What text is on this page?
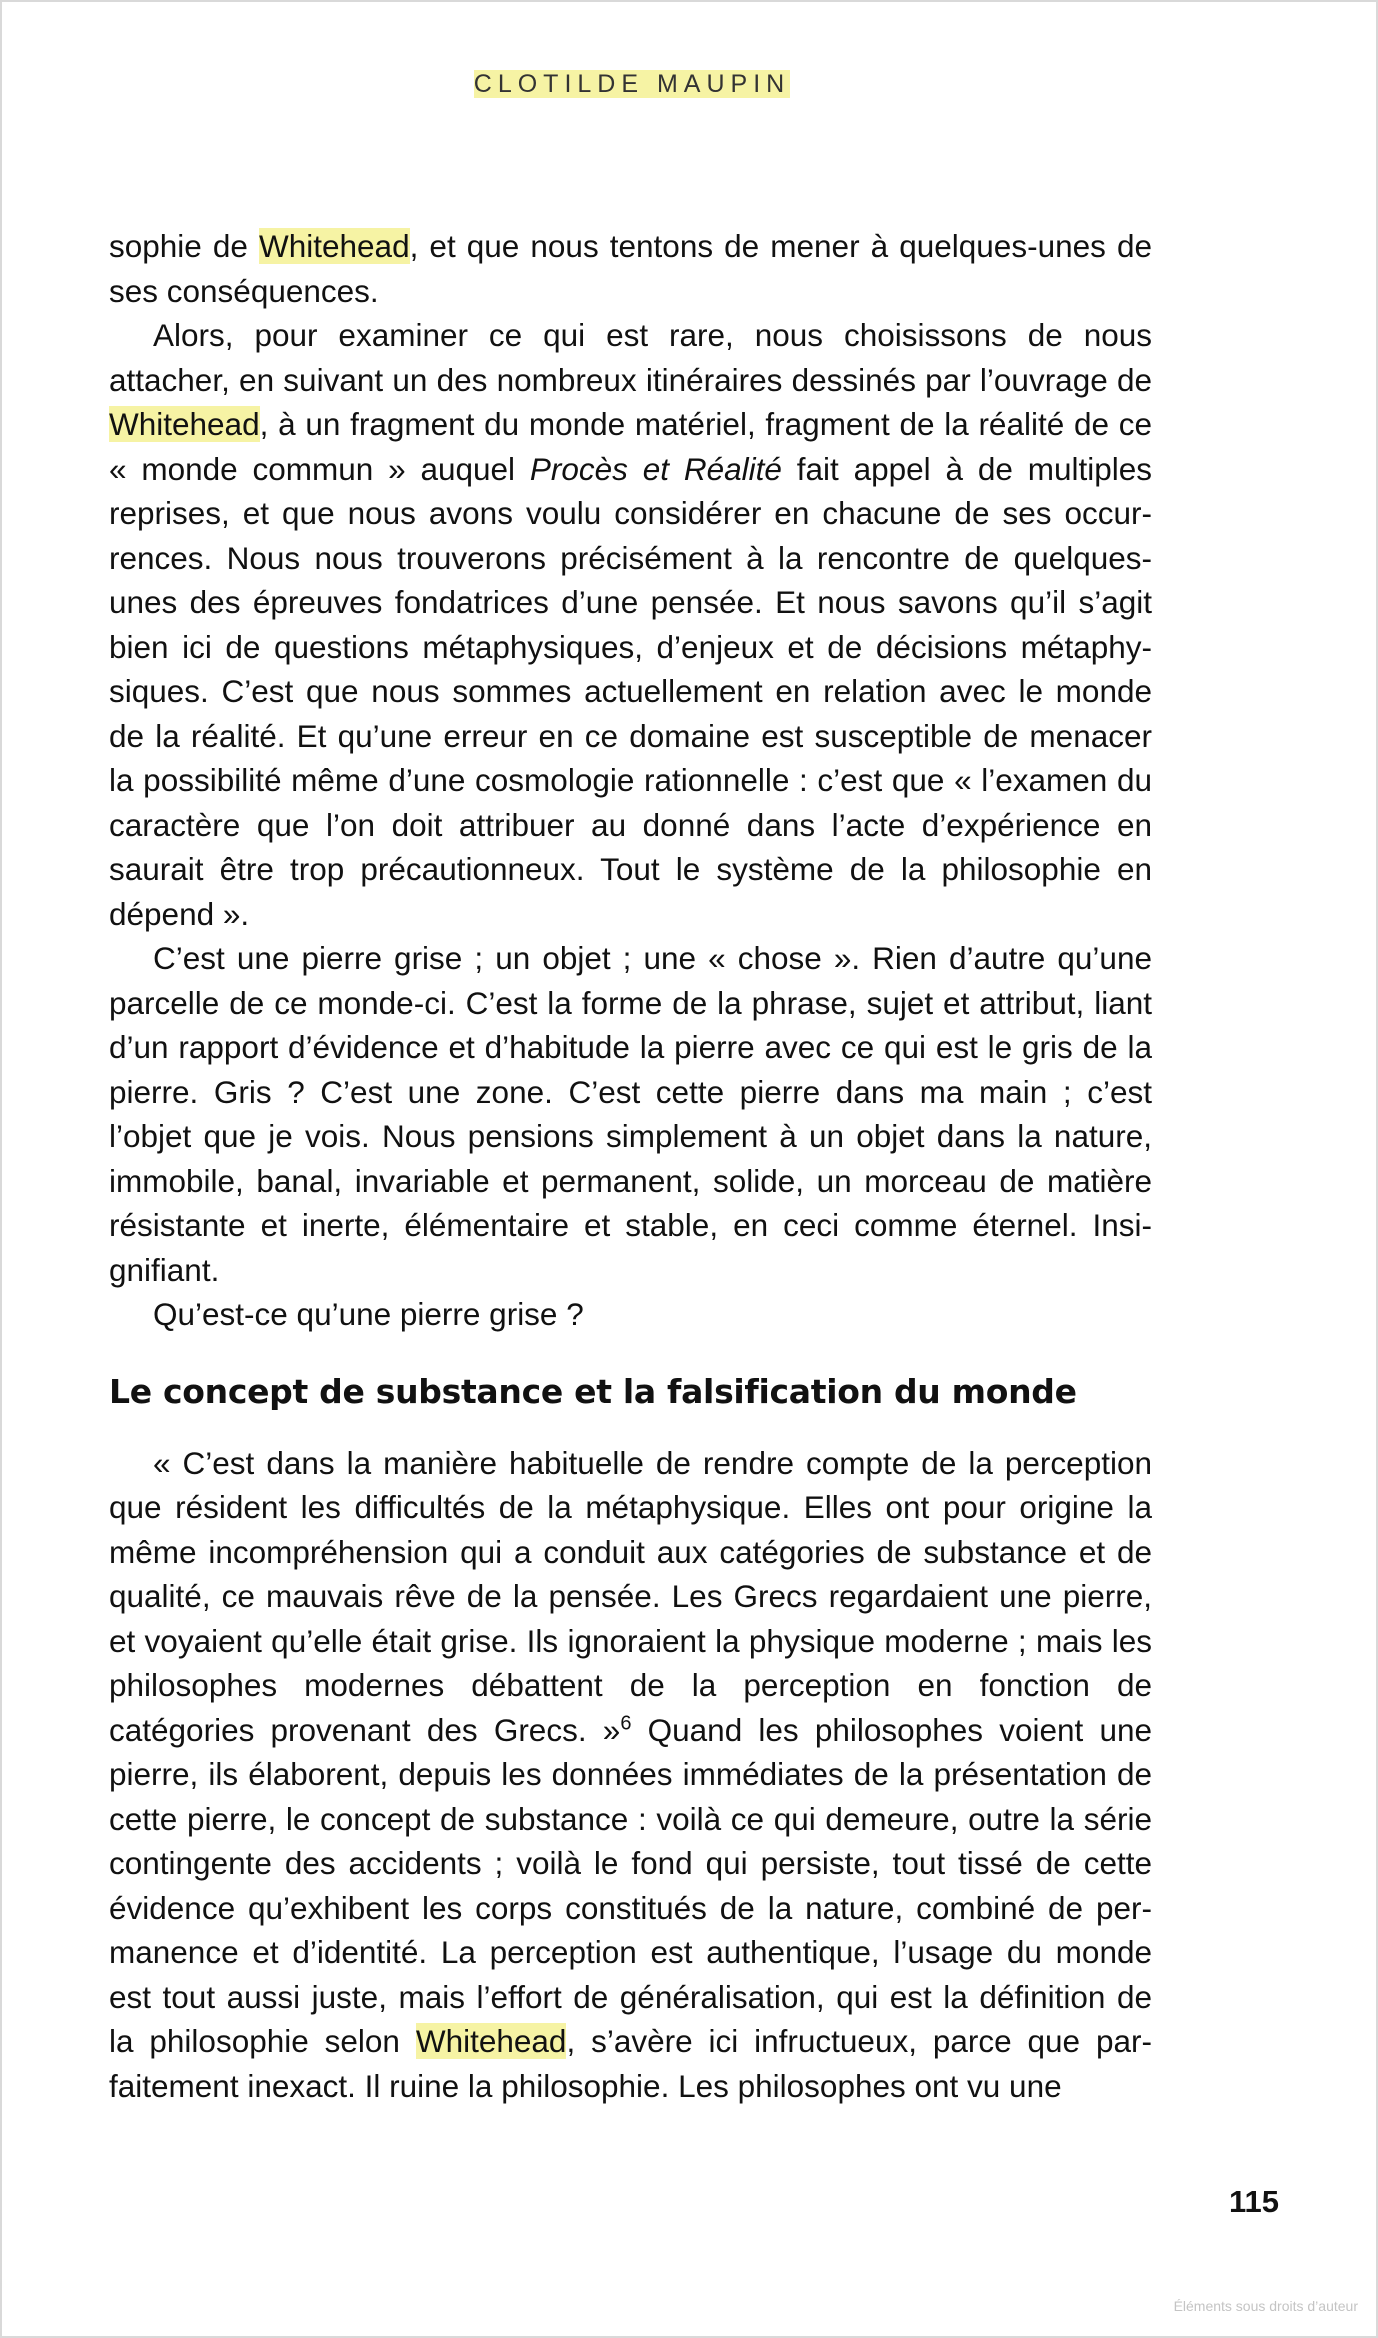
CLOTILDE MAUPIN

sophie de Whitehead, et que nous tentons de mener à quelques-unes de ses conséquences.

Alors, pour examiner ce qui est rare, nous choisissons de nous attacher, en suivant un des nombreux itinéraires dessinés par l’ouvrage de Whitehead, à un fragment du monde matériel, fragment de la réalité de ce « monde commun » auquel Procès et Réalité fait appel à de multiples reprises, et que nous avons voulu considérer en chacune de ses occurrences. Nous nous trouverons précisément à la rencontre de quelques-unes des épreuves fondatrices d’une pensée. Et nous savons qu’il s’agit bien ici de questions métaphysiques, d’enjeux et de décisions métaphysiques. C’est que nous sommes actuellement en relation avec le monde de la réalité. Et qu’une erreur en ce domaine est susceptible de menacer la possibilité même d’une cosmologie rationnelle : c’est que « l’examen du caractère que l’on doit attribuer au donné dans l’acte d’expérience en saurait être trop précautionneux. Tout le système de la philosophie en dépend ».

C’est une pierre grise ; un objet ; une « chose ». Rien d’autre qu’une parcelle de ce monde-ci. C’est la forme de la phrase, sujet et attribut, liant d’un rapport d’évidence et d’habitude la pierre avec ce qui est le gris de la pierre. Gris ? C’est une zone. C’est cette pierre dans ma main ; c’est l’objet que je vois. Nous pensions simplement à un objet dans la nature, immobile, banal, invariable et permanent, solide, un morceau de matière résistante et inerte, élémentaire et stable, en ceci comme éternel. Insignifiant.

Qu’est-ce qu’une pierre grise ?

Le concept de substance et la falsification du monde

« C’est dans la manière habituelle de rendre compte de la perception que résident les difficultés de la métaphysique. Elles ont pour origine la même incompréhension qui a conduit aux catégories de substance et de qualité, ce mauvais rêve de la pensée. Les Grecs regardaient une pierre, et voyaient qu’elle était grise. Ils ignoraient la physique moderne ; mais les philosophes modernes débattent de la perception en fonction de catégories provenant des Grecs. »$^6$ Quand les philosophes voient une pierre, ils élaborent, depuis les données immédiates de la présentation de cette pierre, le concept de substance : voilà ce qui demeure, outre la série contingente des accidents ; voilà le fond qui persiste, tout tissé de cette évidence qu’exhibent les corps constitués de la nature, combiné de permanence et d’identité. La perception est authentique, l’usage du monde est tout aussi juste, mais l’effort de généralisation, qui est la définition de la philosophie selon Whitehead, s’avère ici infructueux, parce que parfaitement inexact. Il ruine la philosophie. Les philosophes ont vu une

115
Éléments sous droits d’auteur
